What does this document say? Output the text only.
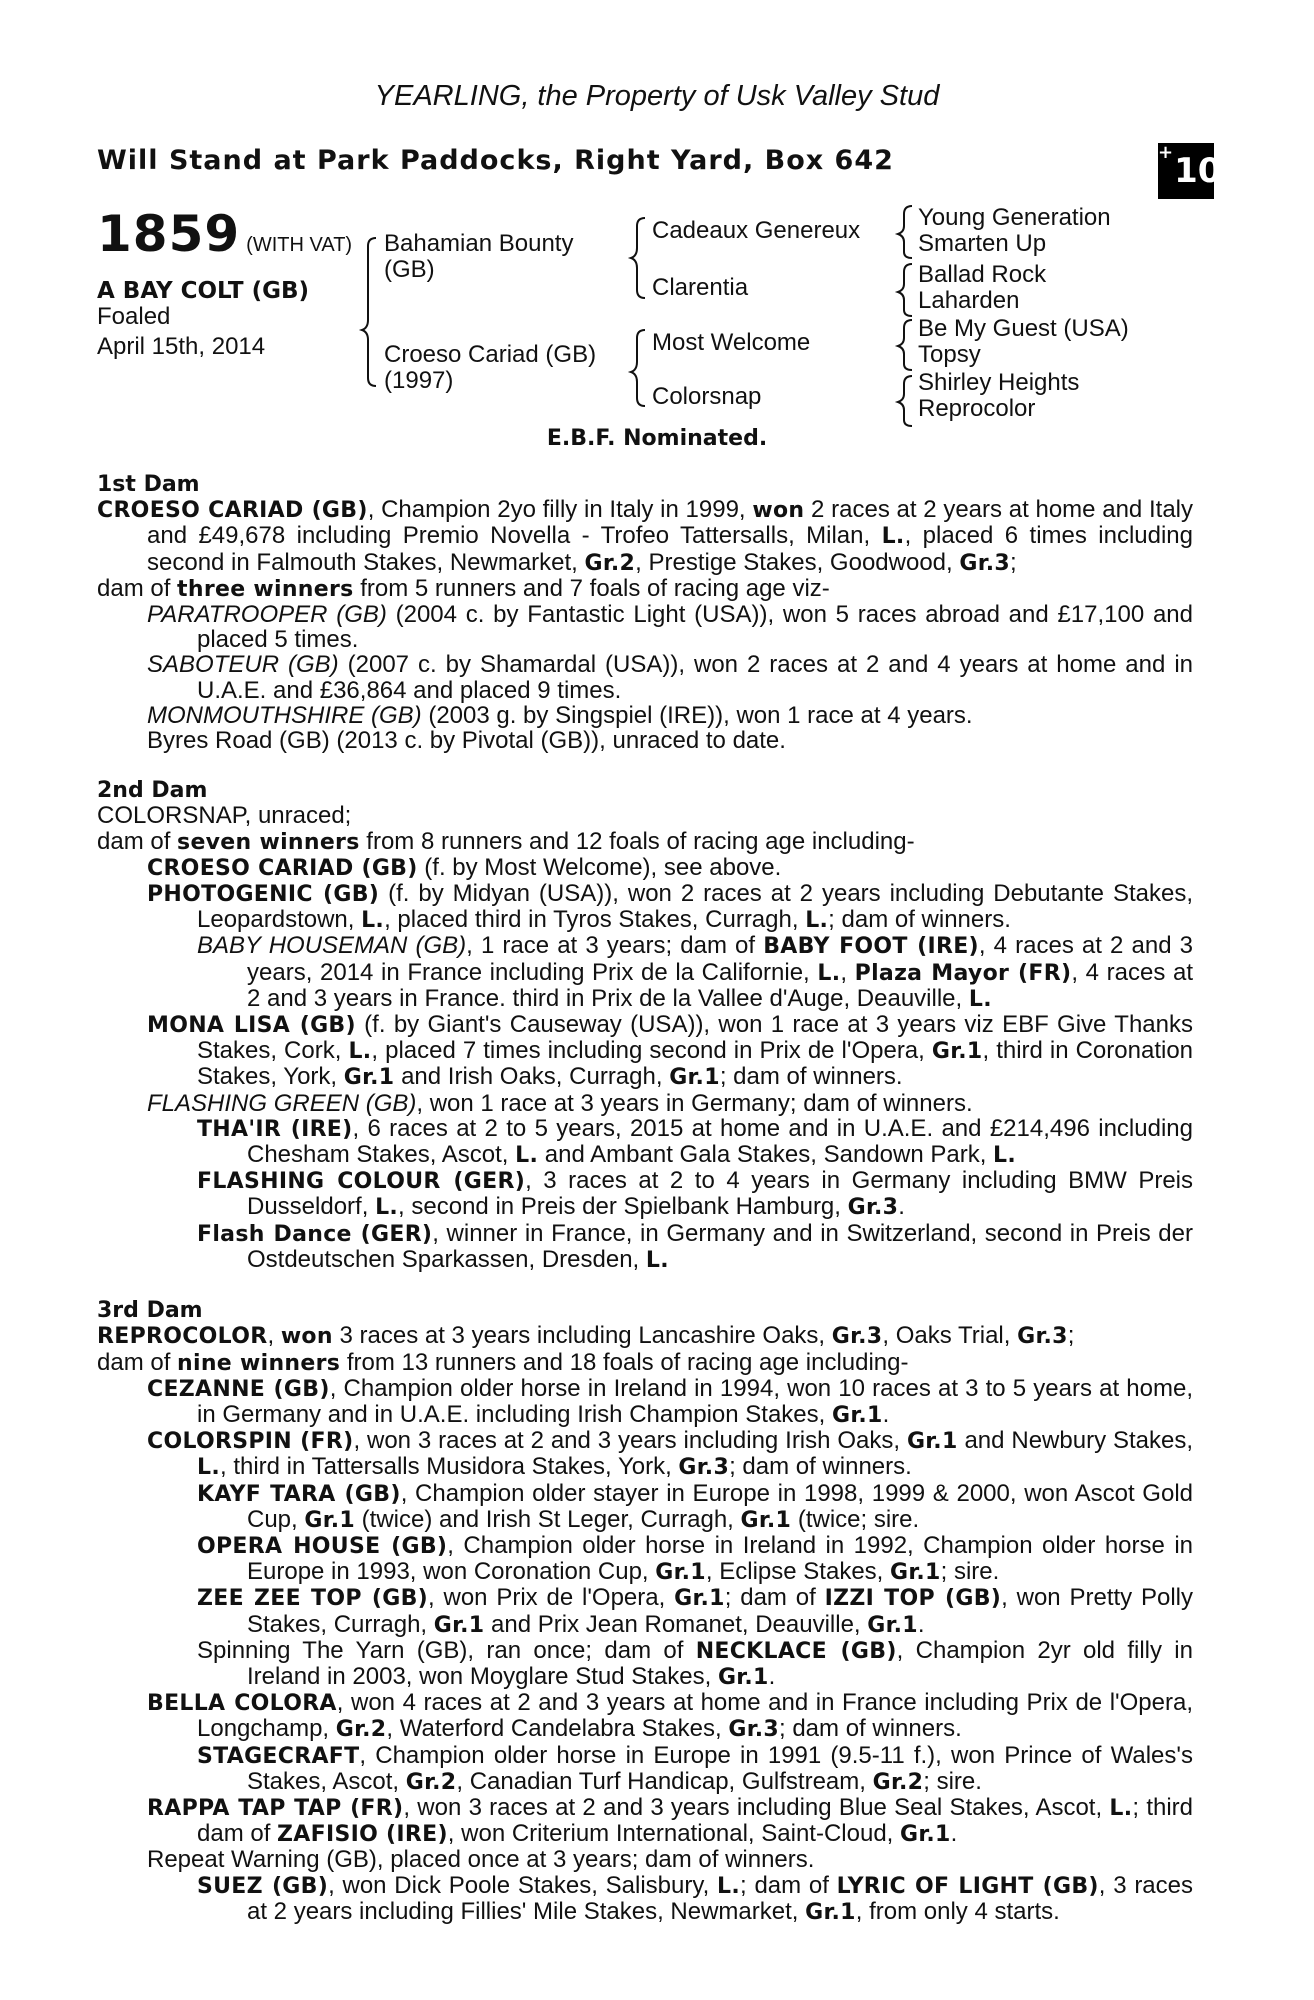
YEARLING, the Property of Usk Valley Stud
Will Stand at Park Paddocks, Right Yard, Box 642	+10
1859 (WITH VAT)
A BAY COLT (GB)
Foaled
April 15th, 2014
Bahamian Bounty
(GB)
Croeso Cariad (GB)
(1997)
Cadeaux Genereux
Clarentia
Most Welcome
Colorsnap
Young Generation
Smarten Up
Ballad Rock
Laharden
Be My Guest (USA)
Topsy
Shirley Heights
Reprocolor
E.B.F. Nominated.
1st Dam
CROESO CARIAD (GB), Champion 2yo filly in Italy in 1999, won 2 races at 2 years at home and Italy and £49,678 including Premio Novella - Trofeo Tattersalls, Milan, L., placed 6 times including second in Falmouth Stakes, Newmarket, Gr.2, Prestige Stakes, Goodwood, Gr.3;
dam of three winners from 5 runners and 7 foals of racing age viz-
PARATROOPER (GB) (2004 c. by Fantastic Light (USA)), won 5 races abroad and £17,100 and placed 5 times.
SABOTEUR (GB) (2007 c. by Shamardal (USA)), won 2 races at 2 and 4 years at home and in U.A.E. and £36,864 and placed 9 times.
MONMOUTHSHIRE (GB) (2003 g. by Singspiel (IRE)), won 1 race at 4 years.
Byres Road (GB) (2013 c. by Pivotal (GB)), unraced to date.
2nd Dam
COLORSNAP, unraced;
dam of seven winners from 8 runners and 12 foals of racing age including-
CROESO CARIAD (GB) (f. by Most Welcome), see above.
PHOTOGENIC (GB) (f. by Midyan (USA)), won 2 races at 2 years including Debutante Stakes, Leopardstown, L., placed third in Tyros Stakes, Curragh, L.; dam of winners.
BABY HOUSEMAN (GB), 1 race at 3 years; dam of BABY FOOT (IRE), 4 races at 2 and 3 years, 2014 in France including Prix de la Californie, L., Plaza Mayor (FR), 4 races at 2 and 3 years in France. third in Prix de la Vallee d'Auge, Deauville, L.
MONA LISA (GB) (f. by Giant's Causeway (USA)), won 1 race at 3 years viz EBF Give Thanks Stakes, Cork, L., placed 7 times including second in Prix de l'Opera, Gr.1, third in Coronation Stakes, York, Gr.1 and Irish Oaks, Curragh, Gr.1; dam of winners.
FLASHING GREEN (GB), won 1 race at 3 years in Germany; dam of winners.
THA'IR (IRE), 6 races at 2 to 5 years, 2015 at home and in U.A.E. and £214,496 including Chesham Stakes, Ascot, L. and Ambant Gala Stakes, Sandown Park, L.
FLASHING COLOUR (GER), 3 races at 2 to 4 years in Germany including BMW Preis Dusseldorf, L., second in Preis der Spielbank Hamburg, Gr.3.
Flash Dance (GER), winner in France, in Germany and in Switzerland, second in Preis der Ostdeutschen Sparkassen, Dresden, L.
3rd Dam
REPROCOLOR, won 3 races at 3 years including Lancashire Oaks, Gr.3, Oaks Trial, Gr.3;
dam of nine winners from 13 runners and 18 foals of racing age including-
CEZANNE (GB), Champion older horse in Ireland in 1994, won 10 races at 3 to 5 years at home, in Germany and in U.A.E. including Irish Champion Stakes, Gr.1.
COLORSPIN (FR), won 3 races at 2 and 3 years including Irish Oaks, Gr.1 and Newbury Stakes, L., third in Tattersalls Musidora Stakes, York, Gr.3; dam of winners.
KAYF TARA (GB), Champion older stayer in Europe in 1998, 1999 & 2000, won Ascot Gold Cup, Gr.1 (twice) and Irish St Leger, Curragh, Gr.1 (twice; sire.
OPERA HOUSE (GB), Champion older horse in Ireland in 1992, Champion older horse in Europe in 1993, won Coronation Cup, Gr.1, Eclipse Stakes, Gr.1; sire.
ZEE ZEE TOP (GB), won Prix de l'Opera, Gr.1; dam of IZZI TOP (GB), won Pretty Polly Stakes, Curragh, Gr.1 and Prix Jean Romanet, Deauville, Gr.1.
Spinning The Yarn (GB), ran once; dam of NECKLACE (GB), Champion 2yr old filly in Ireland in 2003, won Moyglare Stud Stakes, Gr.1.
BELLA COLORA, won 4 races at 2 and 3 years at home and in France including Prix de l'Opera, Longchamp, Gr.2, Waterford Candelabra Stakes, Gr.3; dam of winners.
STAGECRAFT, Champion older horse in Europe in 1991 (9.5-11 f.), won Prince of Wales's Stakes, Ascot, Gr.2, Canadian Turf Handicap, Gulfstream, Gr.2; sire.
RAPPA TAP TAP (FR), won 3 races at 2 and 3 years including Blue Seal Stakes, Ascot, L.; third dam of ZAFISIO (IRE), won Criterium International, Saint-Cloud, Gr.1.
Repeat Warning (GB), placed once at 3 years; dam of winners.
SUEZ (GB), won Dick Poole Stakes, Salisbury, L.; dam of LYRIC OF LIGHT (GB), 3 races at 2 years including Fillies' Mile Stakes, Newmarket, Gr.1, from only 4 starts.
